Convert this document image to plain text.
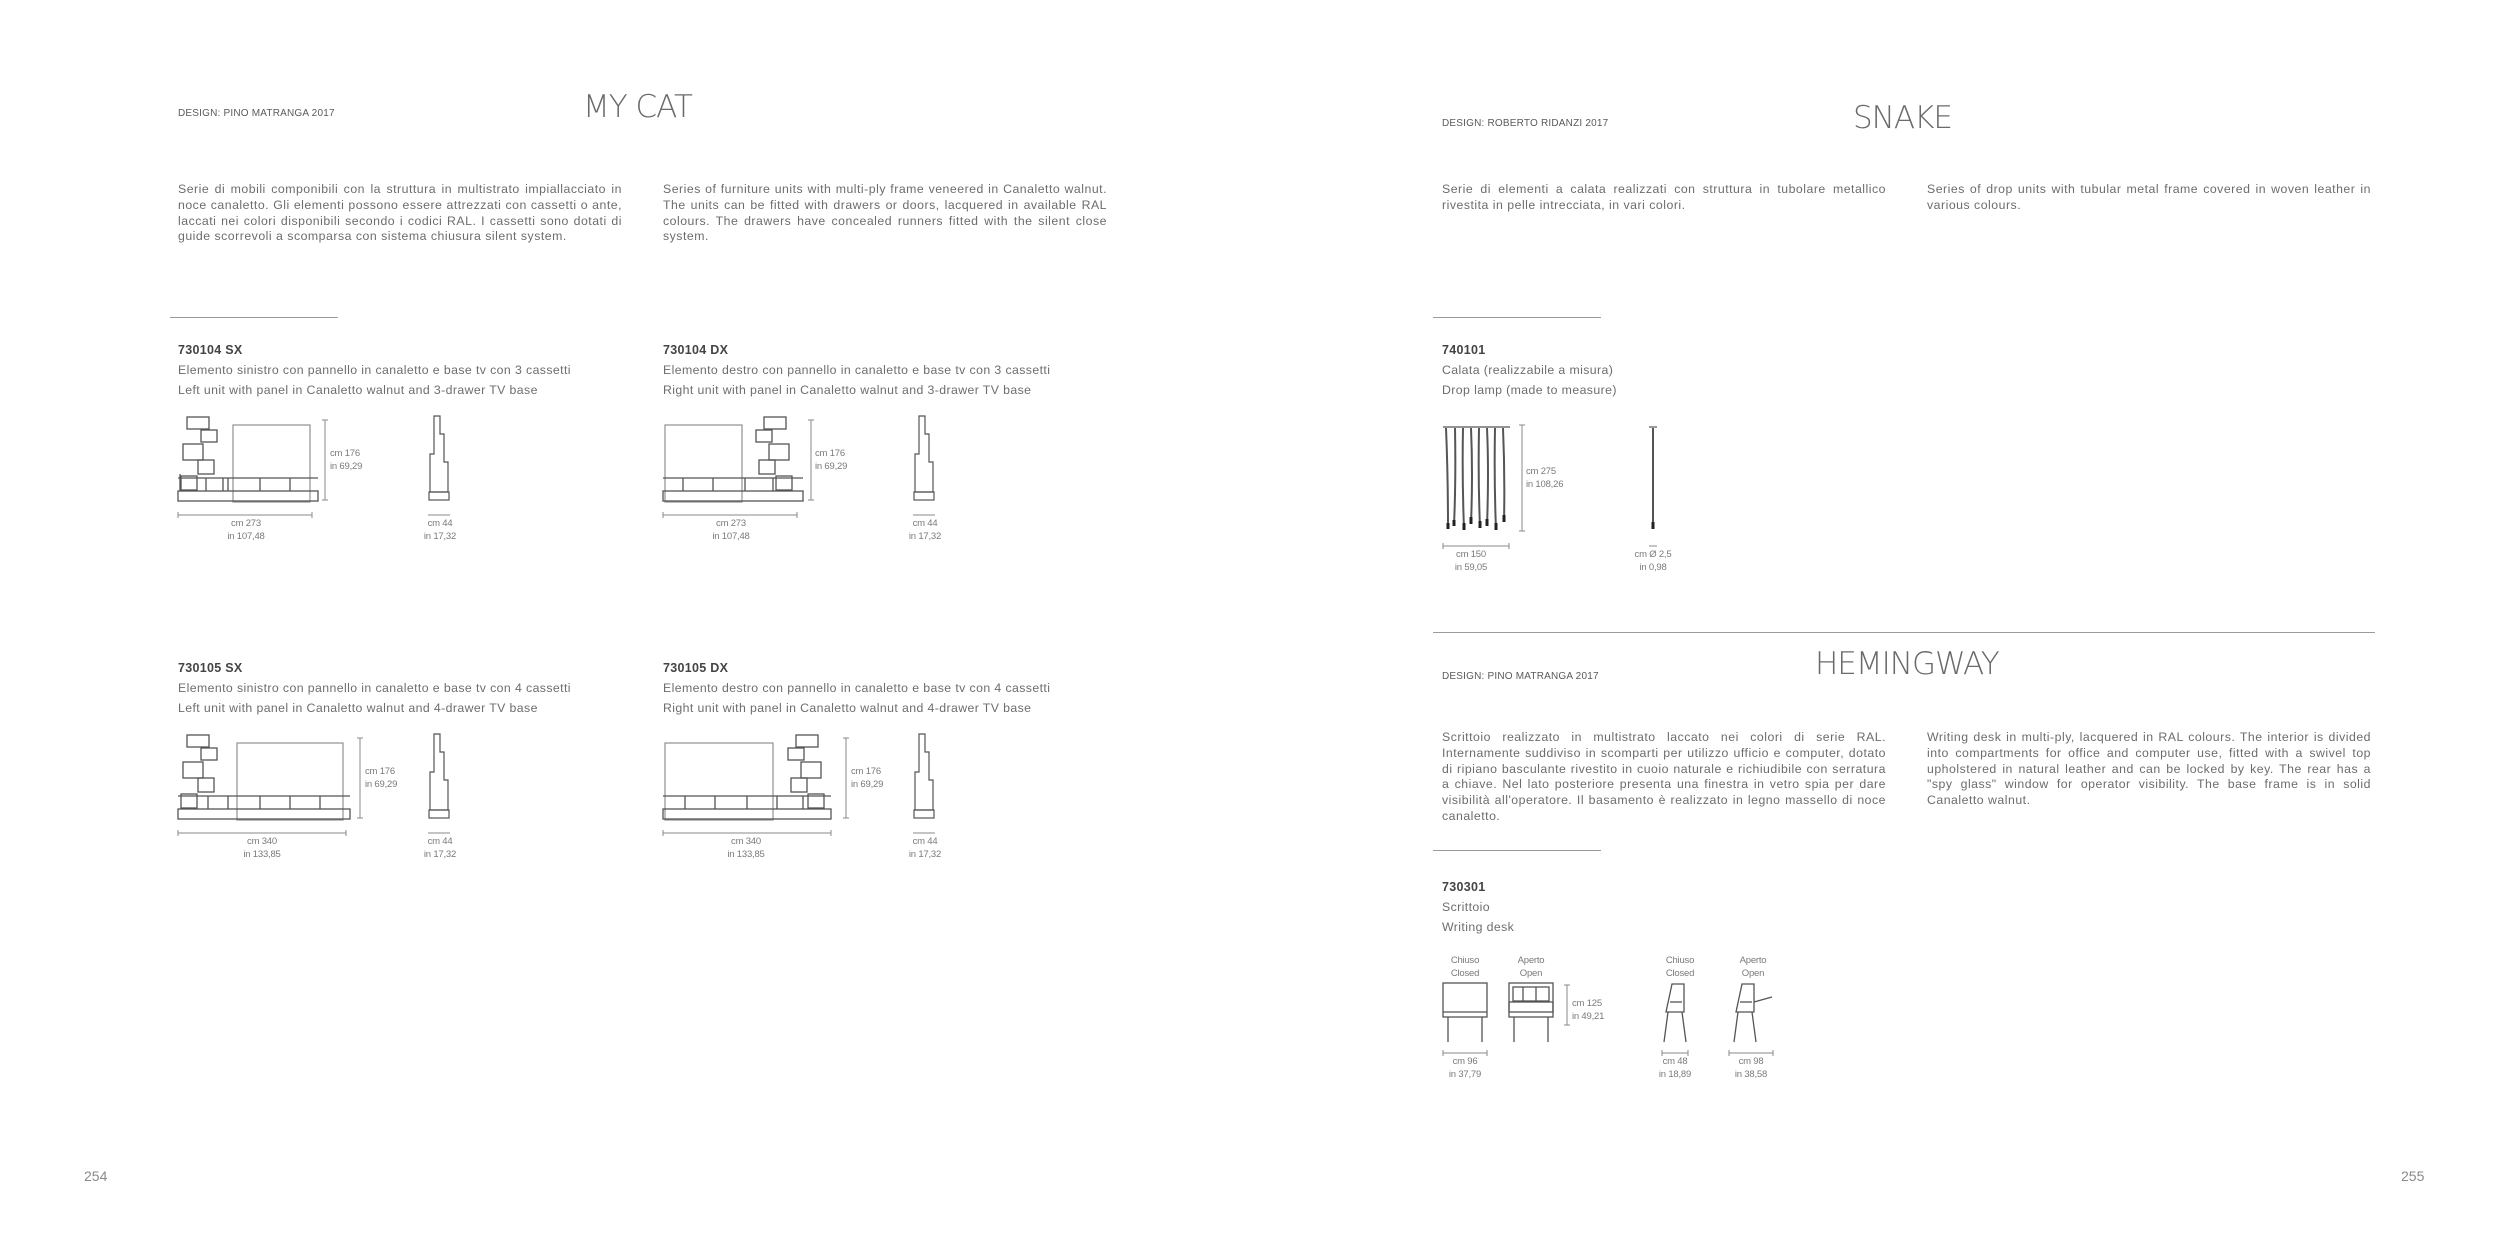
DESIGN: PINO MATRANGA 2017	MY CAT
Serie di mobili componibili con la struttura in multistrato impiallacciato in noce canaletto. Gli elementi possono essere attrezzati con cassetti o ante, laccati nei colori disponibili secondo i codici RAL. I cassetti sono dotati di guide scorrevoli a scomparsa con sistema chiusura silent system.
Series of furniture units with multi-ply frame veneered in Canaletto walnut. The units can be fitted with drawers or doors, lacquered in available RAL colours. The drawers have concealed runners fitted with the silent close system.
730104 SX
Elemento sinistro con pannello in canaletto e base tv con 3 cassetti
Left unit with panel in Canaletto walnut and 3-drawer TV base
cm 176
in 69,29
cm 273
in 107,48
cm 44
in 17,32
730104 DX
Elemento destro con pannello in canaletto e base tv con 3 cassetti
Right unit with panel in Canaletto walnut and 3-drawer TV base
cm 176
in 69,29
cm 273
in 107,48
cm 44
in 17,32
730105 SX
Elemento sinistro con pannello in canaletto e base tv con 4 cassetti
Left unit with panel in Canaletto walnut and 4-drawer TV base
cm 176
in 69,29
cm 340
in 133,85
cm 44
in 17,32
730105 DX
Elemento destro con pannello in canaletto e base tv con 4 cassetti
Right unit with panel in Canaletto walnut and 4-drawer TV base
cm 176
in 69,29
cm 340
in 133,85
cm 44
in 17,32
254
DESIGN: ROBERTO RIDANZI 2017	SNAKE
Serie di elementi a calata realizzati con struttura in tubolare metallico rivestita in pelle intrecciata, in vari colori.
Series of drop units with tubular metal frame covered in woven leather in various colours.
740101
Calata (realizzabile a misura)
Drop lamp (made to measure)
cm 275
in 108,26
cm 150
in 59,05
cm Ø 2,5
in 0,98
DESIGN: PINO MATRANGA 2017	HEMINGWAY
Scrittoio realizzato in multistrato laccato nei colori di serie RAL. Internamente suddiviso in scomparti per utilizzo ufficio e computer, dotato di ripiano basculante rivestito in cuoio naturale e richiudibile con serratura a chiave. Nel lato posteriore presenta una finestra in vetro spia per dare visibilità all'operatore. Il basamento è realizzato in legno massello di noce canaletto.
Writing desk in multi-ply, lacquered in RAL colours. The interior is divided into compartments for office and computer use, fitted with a swivel top upholstered in natural leather and can be locked by key. The rear has a "spy glass" window for operator visibility. The base frame is in solid Canaletto walnut.
730301
Scrittoio
Writing desk
Chiuso
Closed
Aperto
Open
Chiuso
Closed
Aperto
Open
cm 125
in 49,21
cm 96
in 37,79
cm 48
in 18,89
cm 98
in 38,58
255
